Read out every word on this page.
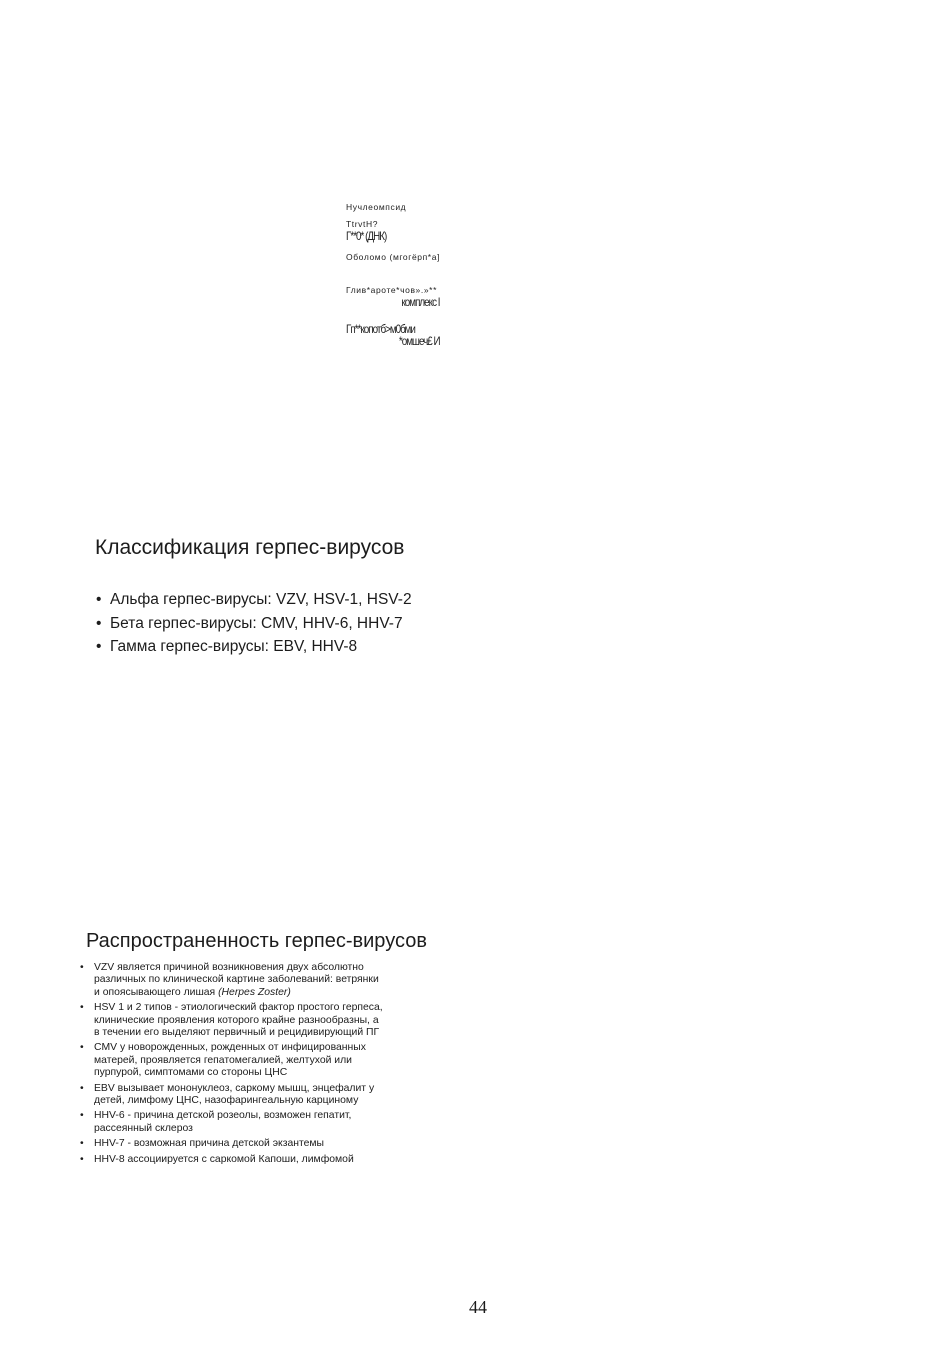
Нучлеомпсид
TtrvtH?
Г**0* (ДНК)
Оболомо (мгогёрп*а]
Глив*ароте*чов».»**
комплекс I
Гп**копотб>м0бми
*омшеч£ И
Классификация герпес-вирусов
• Альфа герпес-вирусы: VZV, HSV-1, HSV-2
• Бета герпес-вирусы: CMV, HHV-6, HHV-7
• Гамма герпес-вирусы: EBV, HHV-8
Распространенность герпес-вирусов
• VZV является причиной возникновения двух абсолютно
различных по клинической картине заболеваний: ветрянки
и опоясывающего лишая (Herpes Zoster)
• HSV 1 и 2 типов - этиологический фактор простого герпеса,
клинические проявления которого крайне разнообразны, а
в течении его выделяют первичный и рецидивирующий ПГ
• CMV у новорожденных, рожденных от инфицированных
матерей, проявляется гепатомегалией, желтухой или
пурпурой, симптомами со стороны ЦНС
• EBV вызывает мононуклеоз, саркому мышц, энцефалит у
детей, лимфому ЦНС, назофарингеальную карциному
• HHV-6 - причина детской розеолы, возможен гепатит,
рассеянный склероз
• HHV-7 - возможная причина детской экзантемы
• HHV-8 ассоциируется с саркомой Капоши, лимфомой
44
